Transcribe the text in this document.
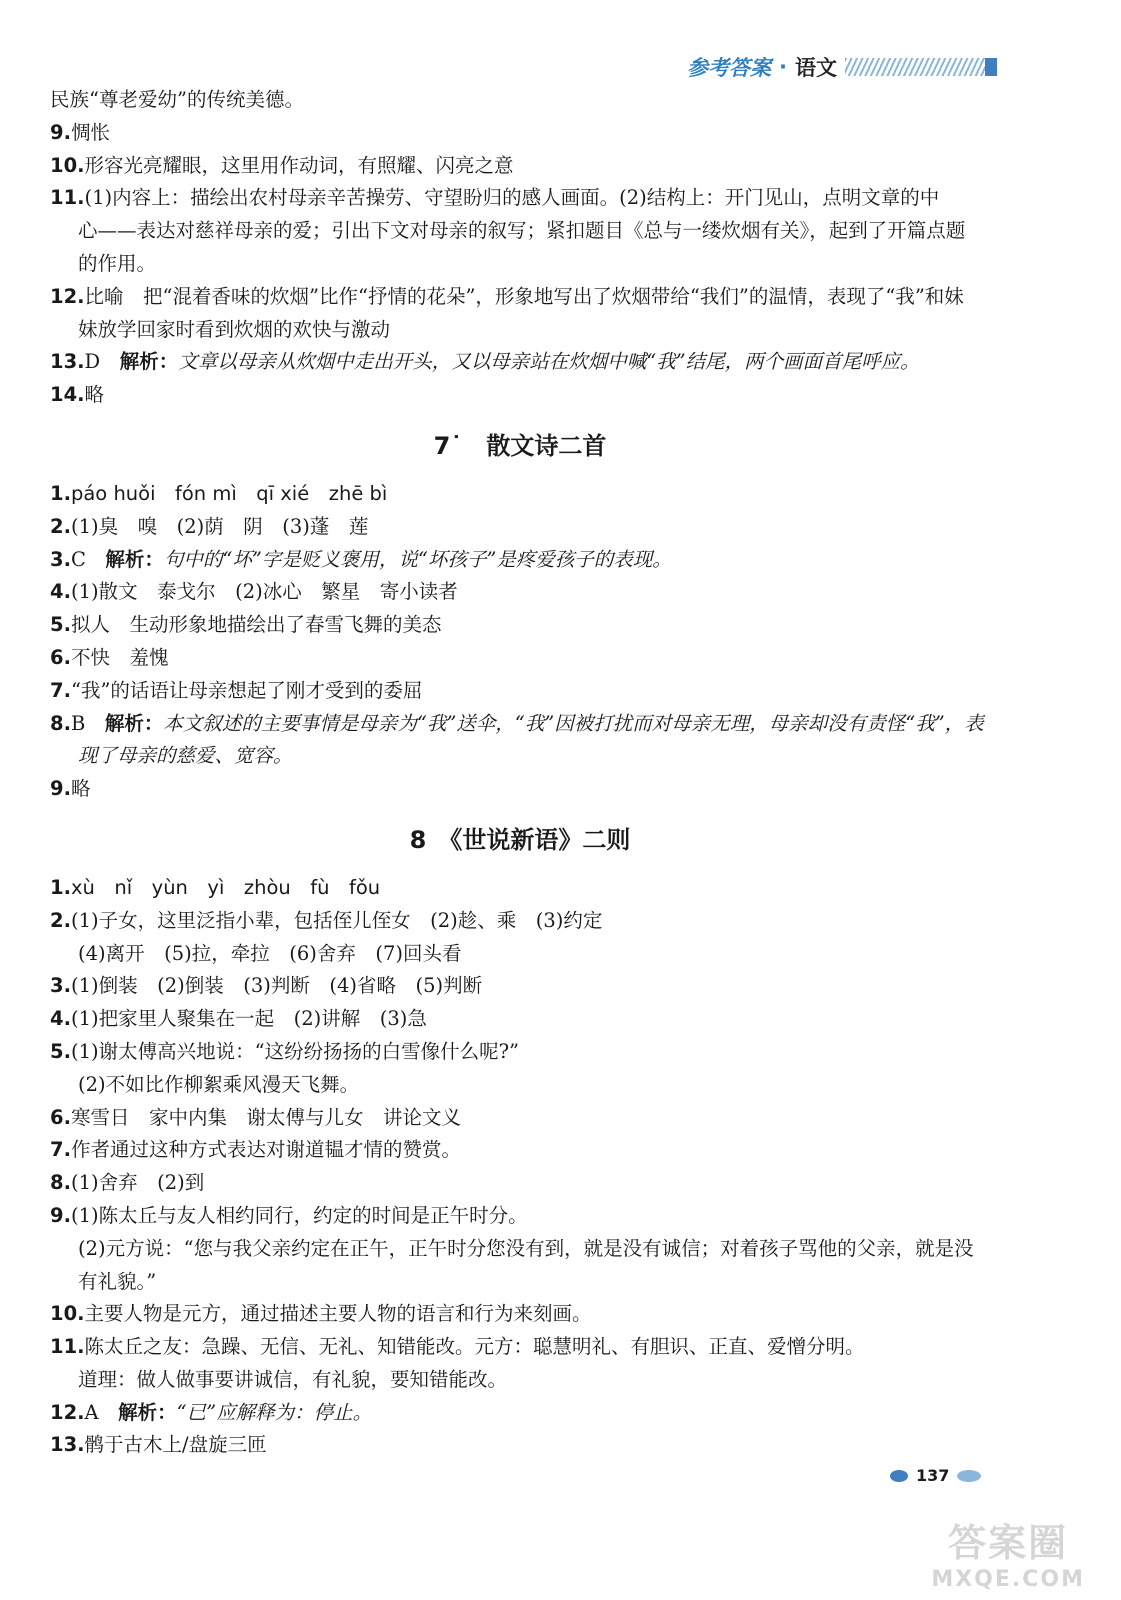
参考答案 · 语文
民族“尊老爱幼”的传统美德。
9.惆怅
10.形容光亮耀眼，这里用作动词，有照耀、闪亮之意
11.(1)内容上：描绘出农村母亲辛苦操劳、守望盼归的感人画面。(2)结构上：开门见山，点明文章的中
心——表达对慈祥母亲的爱；引出下文对母亲的叙写；紧扣题目《总与一缕炊烟有关》，起到了开篇点题
的作用。
12.比喻　把“混着香味的炊烟”比作“抒情的花朵”，形象地写出了炊烟带给“我们”的温情，表现了“我”和妹
妹放学回家时看到炊烟的欢快与激动
13.D　解析：文章以母亲从炊烟中走出开头，又以母亲站在炊烟中喊“我”结尾，两个画面首尾呼应。
14.略
7˙　散文诗二首
1.páo huǒi　fón mì　qī xié　zhē bì
2.(1)臭　嗅　(2)荫　阴　(3)蓬　莲
3.C　解析：句中的“坏”字是贬义褒用，说“坏孩子”是疼爱孩子的表现。
4.(1)散文　泰戈尔　(2)冰心　繁星　寄小读者
5.拟人　生动形象地描绘出了春雪飞舞的美态
6.不快　羞愧
7.“我”的话语让母亲想起了刚才受到的委屈
8.B　解析：本文叙述的主要事情是母亲为“我”送伞，“我”因被打扰而对母亲无理，母亲却没有责怪“我”，表
现了母亲的慈爱、宽容。
9.略
8　《世说新语》二则
1.xù　nǐ　yùn　yì　zhòu　fù　fǒu
2.(1)子女，这里泛指小辈，包括侄儿侄女　(2)趁、乘　(3)约定
(4)离开　(5)拉，牵拉　(6)舍弃　(7)回头看
3.(1)倒装　(2)倒装　(3)判断　(4)省略　(5)判断
4.(1)把家里人聚集在一起　(2)讲解　(3)急
5.(1)谢太傅高兴地说：“这纷纷扬扬的白雪像什么呢?”
(2)不如比作柳絮乘风漫天飞舞。
6.寒雪日　家中内集　谢太傅与儿女　讲论文义
7.作者通过这种方式表达对谢道韫才情的赞赏。
8.(1)舍弃　(2)到
9.(1)陈太丘与友人相约同行，约定的时间是正午时分。
(2)元方说：“您与我父亲约定在正午，正午时分您没有到，就是没有诚信；对着孩子骂他的父亲，就是没
有礼貌。”
10.主要人物是元方，通过描述主要人物的语言和行为来刻画。
11.陈太丘之友：急躁、无信、无礼、知错能改。元方：聪慧明礼、有胆识、正直、爱憎分明。
道理：做人做事要讲诚信，有礼貌，要知错能改。
12.A　解析：“已”应解释为：停止。
13.鹘于古木上/盘旋三匝
137
答案圈
MXQE.COM
